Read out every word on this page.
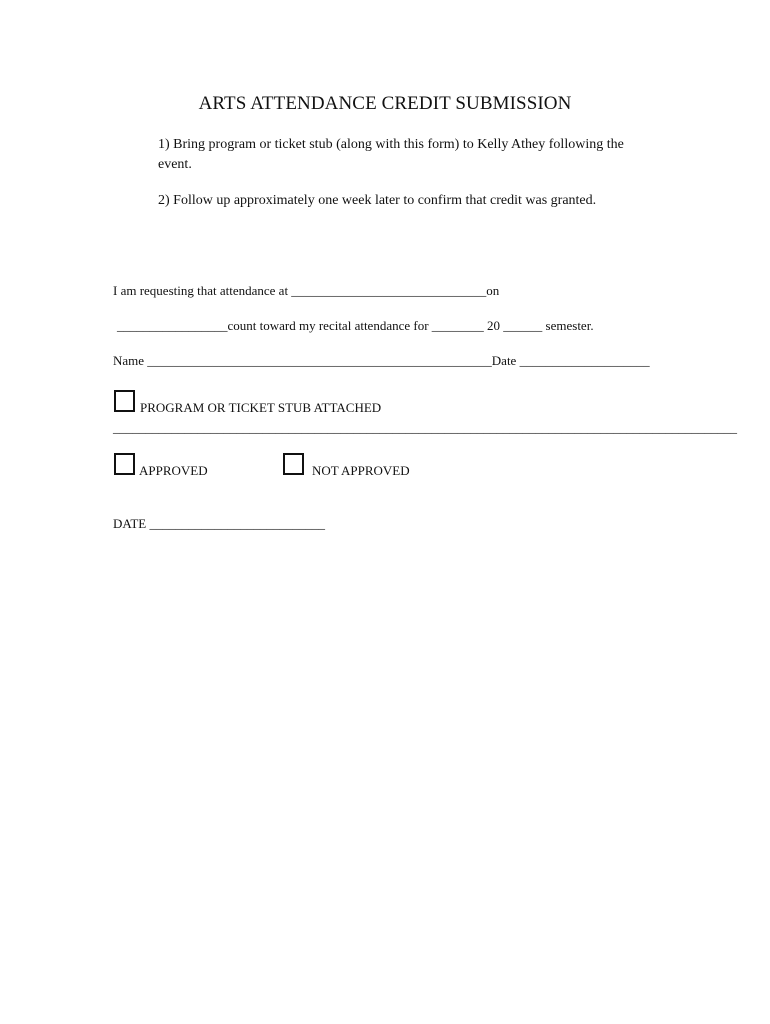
ARTS ATTENDANCE CREDIT SUBMISSION
1) Bring program or ticket stub (along with this form) to Kelly Athey following the event.
2) Follow up approximately one week later to confirm that credit was granted.
I am requesting that attendance at ______________________________on
_________________count toward my recital attendance for ________ 20 ______ semester.
Name _____________________________________________________Date ____________________
PROGRAM OR TICKET STUB ATTACHED
________________________________________________________________________________________________
APPROVED	NOT APPROVED
DATE ___________________________
